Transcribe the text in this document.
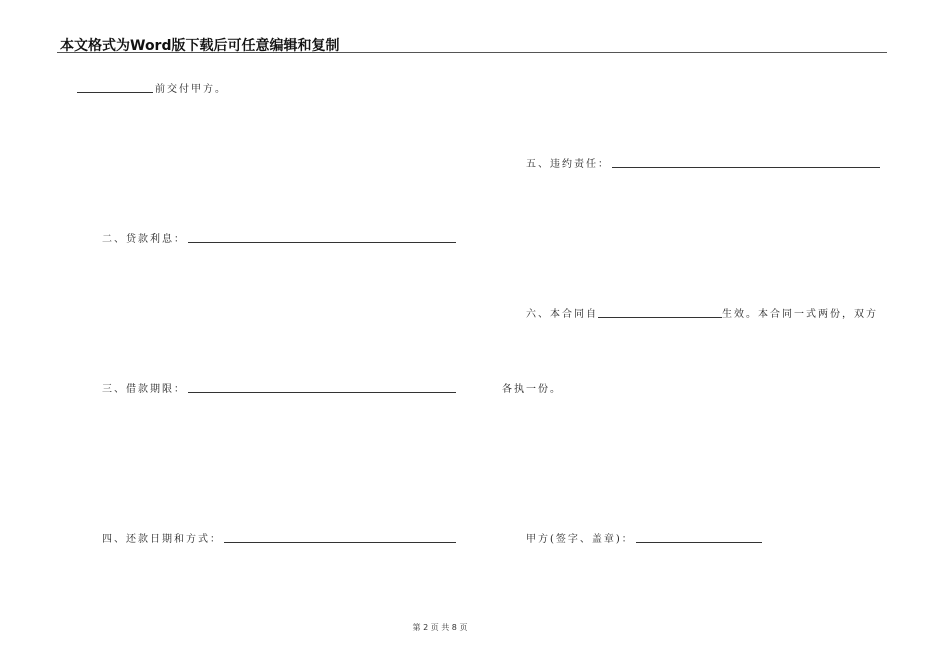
本文格式为Word版下载后可任意编辑和复制
前交付甲方。
二、贷款利息：
三、借款期限：
四、还款日期和方式：
五、违约责任：
六、本合同自	生效。本合同一式两份，双方
各执一份。
甲方(签字、盖章)：
第 2 页 共 8 页
